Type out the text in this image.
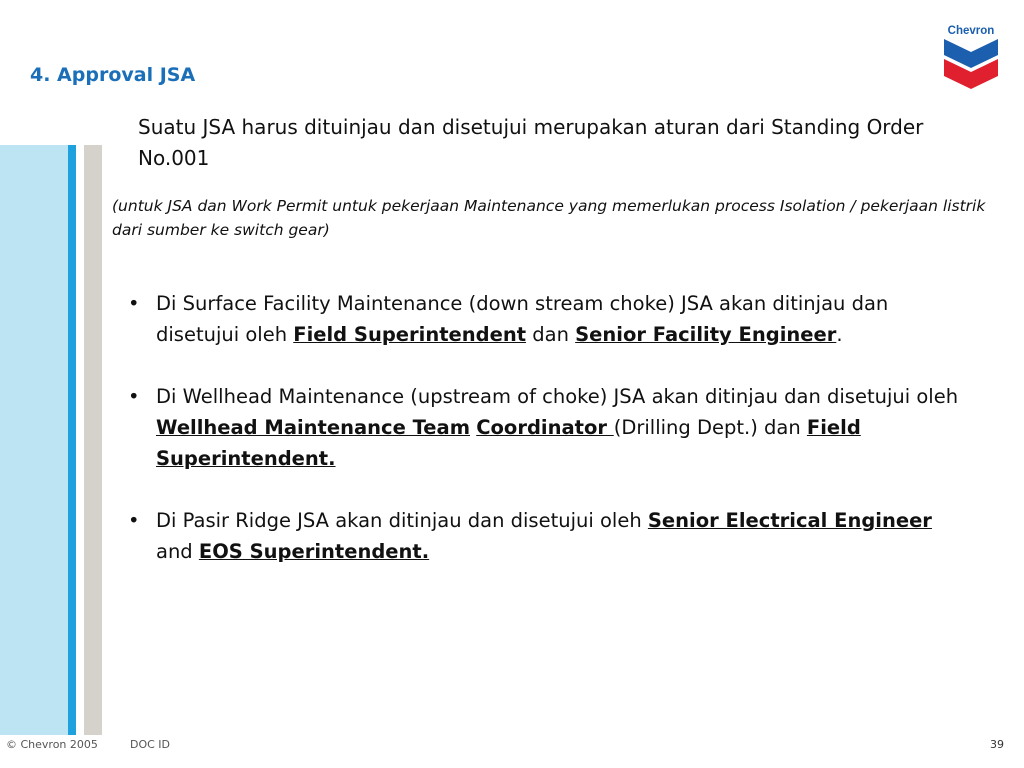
4. Approval JSA
Chevron

Suatu JSA harus dituinjau dan disetujui merupakan aturan dari Standing Order No.001

(untuk JSA dan Work Permit untuk pekerjaan Maintenance yang memerlukan process Isolation / pekerjaan listrik dari sumber ke switch gear)

• Di Surface Facility Maintenance (down stream choke) JSA akan ditinjau dan disetujui oleh Field Superintendent dan Senior Facility Engineer.
• Di Wellhead Maintenance (upstream of choke) JSA akan ditinjau dan disetujui oleh Wellhead Maintenance Team Coordinator (Drilling Dept.) dan Field Superintendent.
• Di Pasir Ridge JSA akan ditinjau dan disetujui oleh Senior Electrical Engineer and EOS Superintendent.
© Chevron 2005	DOC ID	39
